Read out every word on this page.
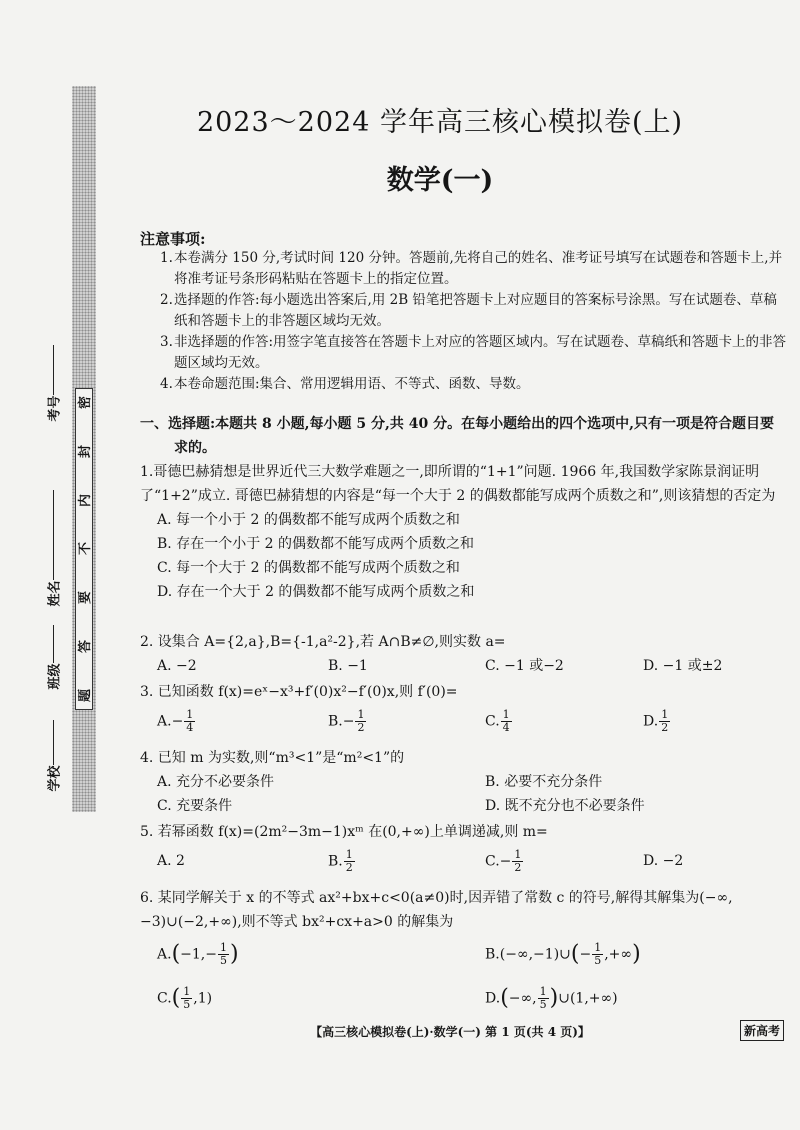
密
封
内
不
要
答
题
考号
姓名
班级
学校
2023～2024 学年高三核心模拟卷(上)
数学(一)
注意事项:
1. 本卷满分 150 分,考试时间 120 分钟。答题前,先将自己的姓名、准考证号填写在试题卷和答题卡上,并将准考证号条形码粘贴在答题卡上的指定位置。
2. 选择题的作答:每小题选出答案后,用 2B 铅笔把答题卡上对应题目的答案标号涂黑。写在试题卷、草稿纸和答题卡上的非答题区域均无效。
3. 非选择题的作答:用签字笔直接答在答题卡上对应的答题区域内。写在试题卷、草稿纸和答题卡上的非答题区域均无效。
4. 本卷命题范围:集合、常用逻辑用语、不等式、函数、导数。
一、选择题:本题共 8 小题,每小题 5 分,共 40 分。在每小题给出的四个选项中,只有一项是符合题目要
求的。
1.哥德巴赫猜想是世界近代三大数学难题之一,即所谓的“1+1”问题. 1966 年,我国数学家陈景润证明了“1+2”成立. 哥德巴赫猜想的内容是“每一个大于 2 的偶数都能写成两个质数之和”,则该猜想的否定为
A. 每一个小于 2 的偶数都不能写成两个质数之和
B. 存在一个小于 2 的偶数都不能写成两个质数之和
C. 每一个大于 2 的偶数都不能写成两个质数之和
D. 存在一个大于 2 的偶数都不能写成两个质数之和
2. 设集合 A={2,a},B={-1,a²-2},若 A∩B≠∅,则实数 a=
A. −2	B. −1	C. −1 或−2	D. −1 或±2
3. 已知函数 f(x)=eˣ−x³+f′(0)x²−f′(0)x,则 f′(0)=
$A.- \frac{1}{4}$	$B.- \frac{1}{2}$	C. $\frac{1}{4}$	D. $\frac{1}{2}$
4. 已知 m 为实数,则“m³<1”是“m²<1”的
A. 充分不必要条件	B. 必要不充分条件
C. 充要条件	D. 既不充分也不必要条件
5. 若幂函数 f(x)=(2m²−3m−1)xᵐ 在(0,+∞)上单调递减,则 m=
A. 2	B. $\frac{1}{2}$	$C.- \frac{1}{2}$	D. −2
6. 某同学解关于 x 的不等式 ax²+bx+c<0(a≠0)时,因弄错了常数 c 的符号,解得其解集为(−∞,−3)∪(−2,+∞),则不等式 bx²+cx+a>0 的解集为
$A.(-1,- \frac{1}{5}$ )	B.(−∞,−1)∪(− $\frac{1}{5}$ ,+∞)
$C.( \frac{1}{5} ,1)$	D.(−∞, $\frac{1}{5}$ )∪(1,+∞)
【高三核心模拟卷(上)·数学(一) 第 1 页(共 4 页)】	新高考
